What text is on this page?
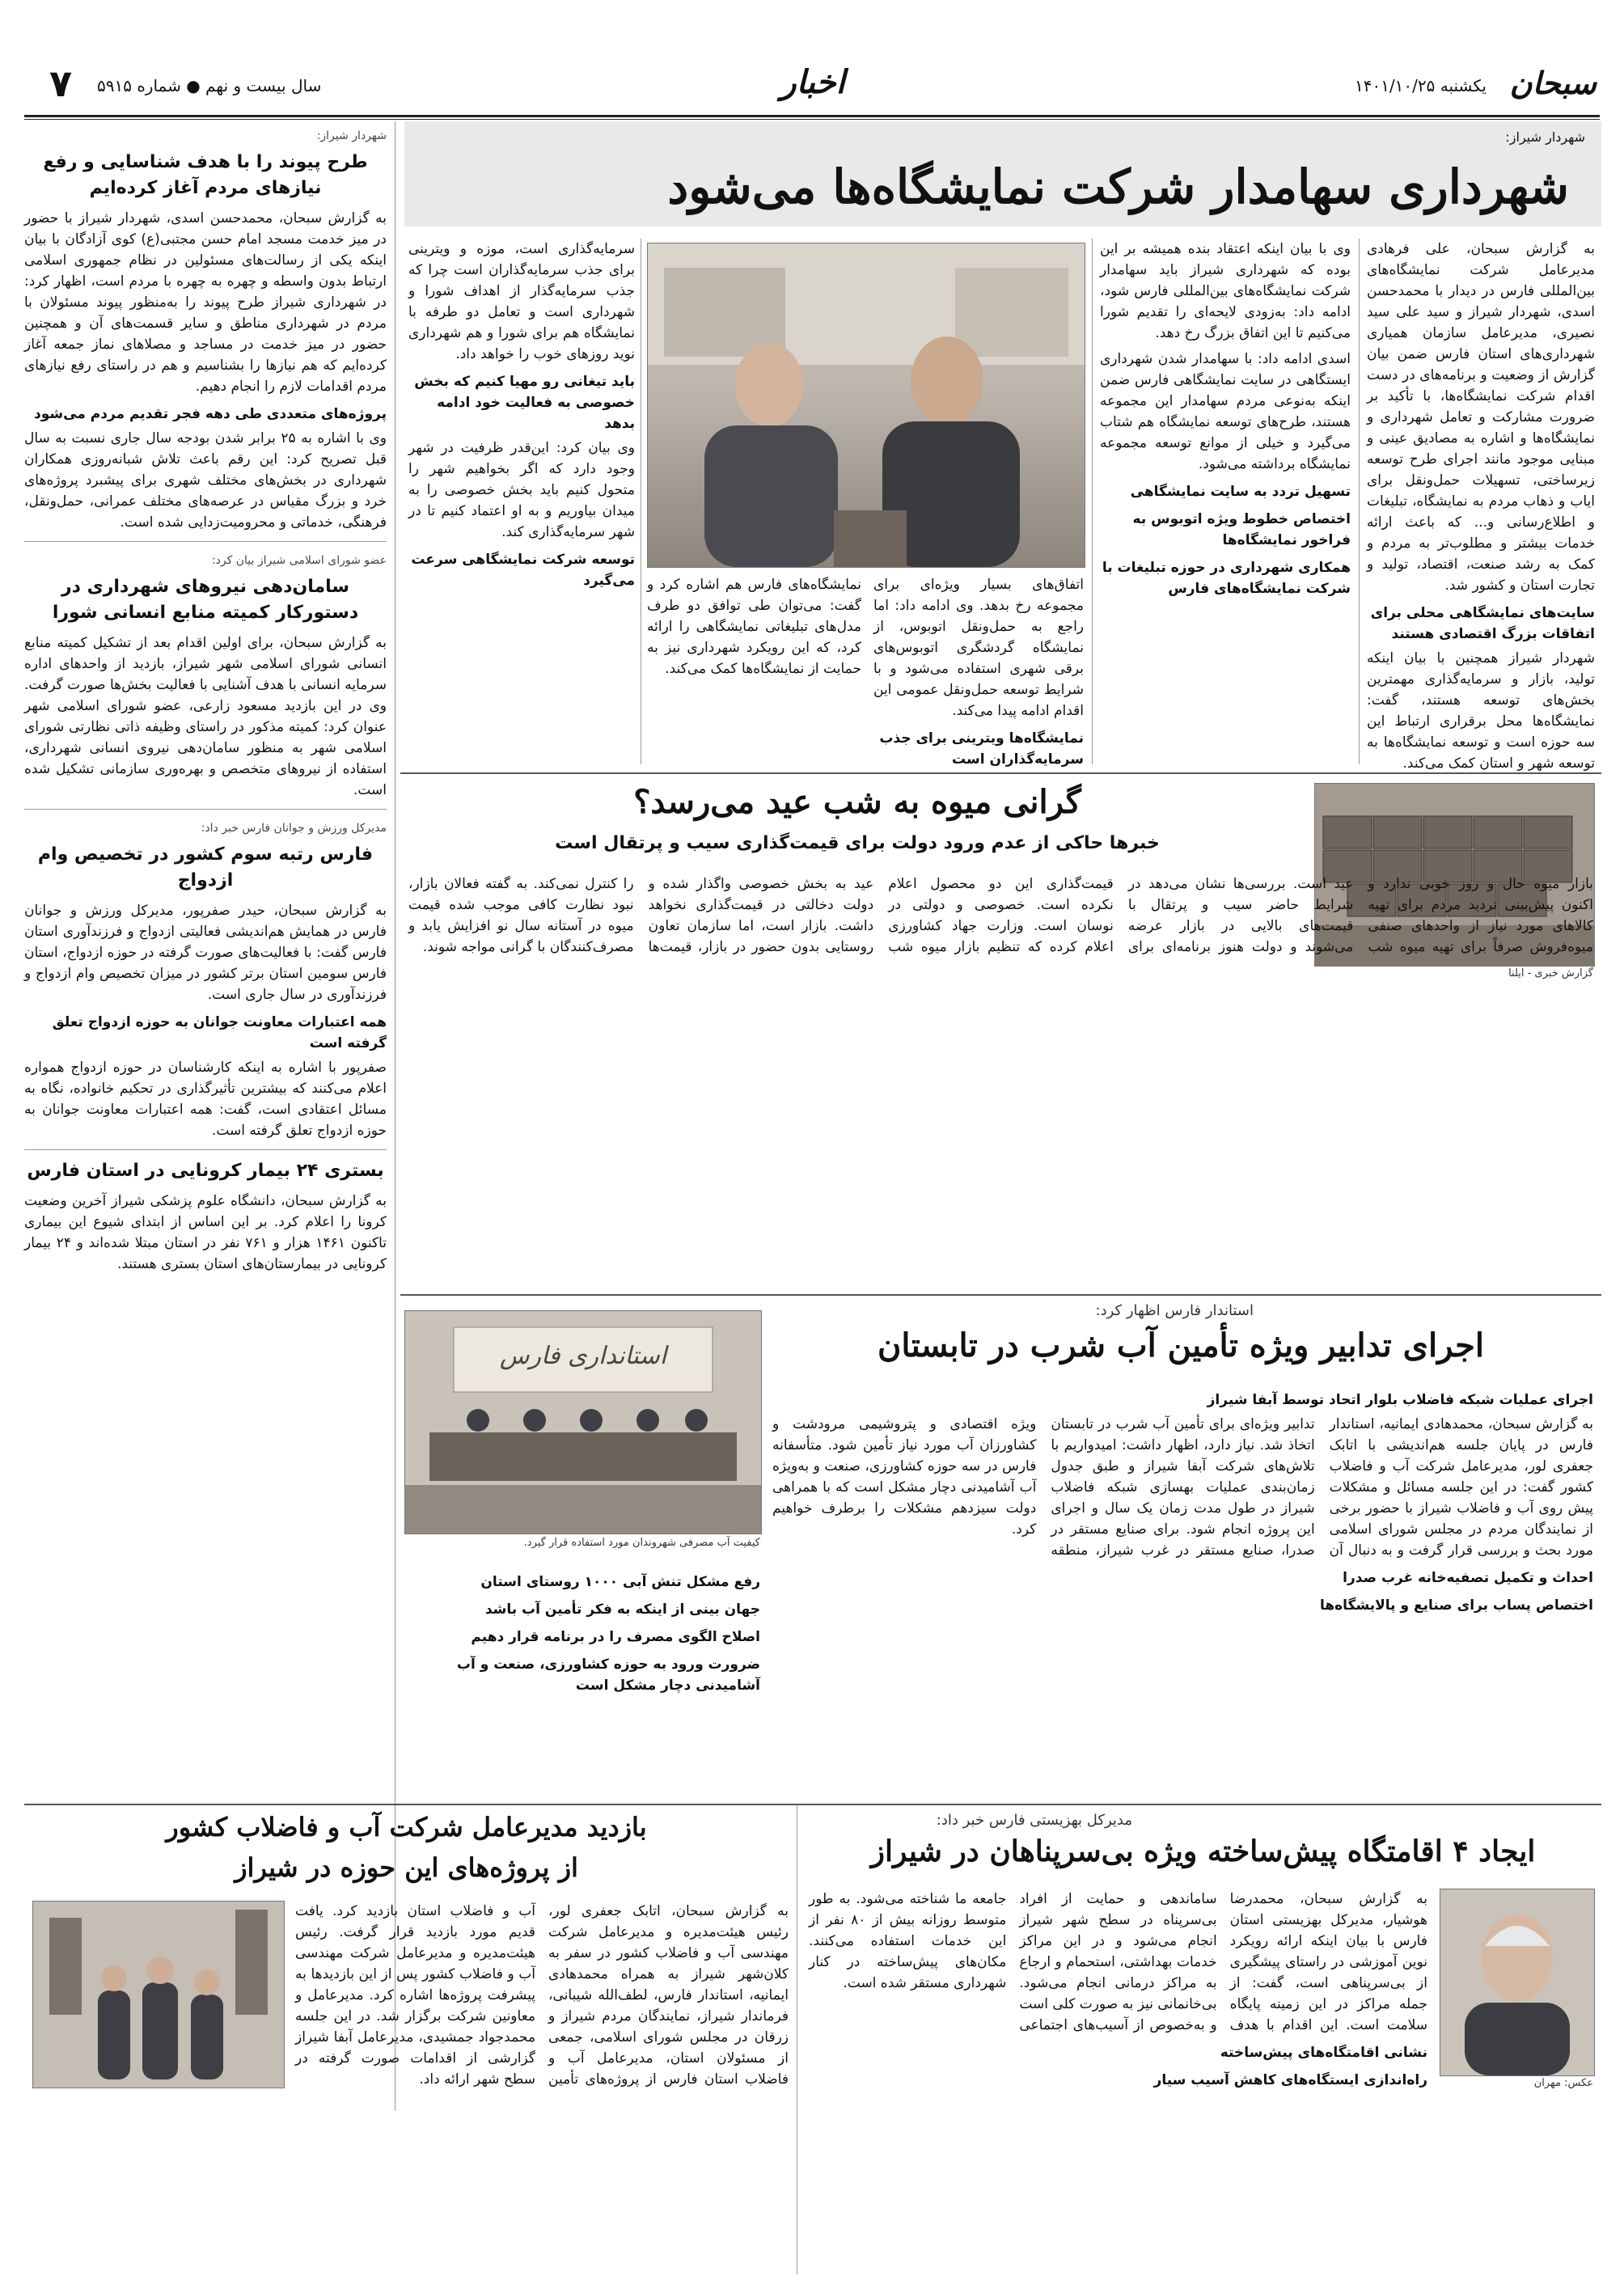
سبحان
یکشنبه ۱۴۰۱/۱۰/۲۵
اخبار
سال بیست و نهم ● شماره ۵۹۱۵
۷
شهردار شیراز:
شهرداری سهامدار شرکت نمایشگاه‌ها می‌شود

به گزارش سبحان، علی فرهادی مدیرعامل شرکت نمایشگاه‌های بین‌المللی فارس در دیدار با محمدحسن اسدی، شهردار شیراز و سید علی سید نصیری، مدیرعامل سازمان همیاری شهرداری‌های استان فارس ضمن بیان گزارش از وضعیت و برنامه‌های در دست اقدام شرکت نمایشگاه‌ها، با تأکید بر ضرورت مشارکت و تعامل شهرداری و نمایشگاه‌ها و اشاره به مصادیق عینی و مبنایی موجود مانند اجرای طرح توسعه زیرساختی، تسهیلات حمل‌ونقل برای ایاب و ذهاب مردم به نمایشگاه، تبلیغات و اطلاع‌رسانی و... که باعث ارائه خدمات بیشتر و مطلوب‌تر به مردم و کمک به رشد صنعت، اقتصاد، تولید و تجارت استان و کشور شد.

سایت‌های نمایشگاهی محلی برای اتفاقات بزرگ اقتصادی هستند

شهردار شیراز همچنین با بیان اینکه تولید، بازار و سرمایه‌گذاری مهمترین بخش‌های توسعه هستند، گفت: نمایشگاه‌ها محل برقراری ارتباط این سه حوزه است و توسعه نمایشگاه‌ها به توسعه شهر و استان کمک می‌کند.

وی با بیان اینکه اعتقاد بنده همیشه بر این بوده که شهرداری شیراز باید سهامدار شرکت نمایشگاه‌های بین‌المللی فارس شود، ادامه داد: بەزودی لایحه‌ای را تقدیم شورا می‌کنیم تا این اتفاق بزرگ رخ دهد.

اسدی ادامه داد: با سهامدار شدن شهرداری ایستگاهی در سایت نمایشگاهی فارس ضمن اینکه بەنوعی مردم سهامدار این مجموعه هستند، طرح‌های توسعه نمایشگاه هم شتاب می‌گیرد و خیلی از موانع توسعه مجموعه نمایشگاه برداشته می‌شود.

تسهیل تردد به سایت نمایشگاهی
اختصاص خطوط ویژه اتوبوس به فراخور نمایشگاه‌ها
همکاری شهرداری در حوزه تبلیغات با شرکت نمایشگاه‌های فارس

اتفاق‌های بسیار ویژه‌ای برای مجموعه رخ بدهد. وی ادامه داد: اما راجع به حمل‌ونقل اتوبوس، از نمایشگاه گردشگری اتوبوس‌های برقی شهری استفاده می‌شود و با شرایط توسعه حمل‌ونقل عمومی این اقدام ادامه پیدا می‌کند.

نمایشگاه‌ها ویترینی برای جذب سرمایه‌گذاران است

نمایشگاه‌های فارس هم اشاره کرد و گفت: می‌توان طی توافق دو طرف مدل‌های تبلیغاتی نمایشگاهی را ارائه کرد، که این رویکرد شهرداری نیز به حمایت از نمایشگاه‌ها کمک می‌کند.

سرمایه‌گذاری است، موزه و ویترینی برای جذب سرمایه‌گذاران است چرا که جذب سرمایه‌گذار از اهداف شورا و شهرداری است و تعامل دو طرفه با نمایشگاه هم برای شورا و هم شهرداری نوید روزهای خوب را خواهد داد.

باید تیغانی رو مهیا کنیم که بخش خصوصی به فعالیت خود ادامه بدهد

وی بیان کرد: این‌قدر ظرفیت در شهر وجود دارد که اگر بخواهیم شهر را متحول کنیم باید بخش خصوصی را به میدان بیاوریم و به او اعتماد کنیم تا در شهر سرمایه‌گذاری کند.

توسعه شرکت نمایشگاهی سرعت می‌گیرد
گرانی میوه به شب عید می‌رسد؟
خبرها حاکی از عدم ورود دولت برای قیمت‌گذاری سیب و پرتقال است
گزارش خبری - ایلنا

بازار میوه حال و روز خوبی ندارد و اکنون پیش‌بینی تردید مردم برای تهیه کالاهای مورد نیاز از واحدهای صنفی میوه‌فروش صرفاً برای تهیه میوه شب عید است. بررسی‌ها نشان می‌دهد در شرایط حاضر سیب و پرتقال با قیمت‌های بالایی در بازار عرضه می‌شوند و دولت هنوز برنامه‌ای برای قیمت‌گذاری این دو محصول اعلام نکرده است. خصوصی و دولتی در نوسان است. وزارت جهاد کشاورزی اعلام کرده که تنظیم بازار میوه شب عید به بخش خصوصی واگذار شده و دولت دخالتی در قیمت‌گذاری نخواهد داشت. بازار است، اما سازمان تعاون روستایی بدون حضور در بازار، قیمت‌ها را کنترل نمی‌کند. به گفته فعالان بازار، نبود نظارت کافی موجب شده قیمت میوه در آستانه سال نو افزایش یابد و مصرف‌کنندگان با گرانی مواجه شوند.

استاندار فارس اظهار کرد:
اجرای تدابیر ویژه تأمین آب شرب در تابستان
استانداری فارس
کیفیت آب مصرفی شهروندان مورد استفاده قرار گیرد.
اجرای عملیات شبکه فاضلاب بلوار اتحاد توسط آبفا شیراز

به گزارش سبحان، محمدهادی ایمانیه، استاندار فارس در پایان جلسه هم‌اندیشی با اتابک جعفری لور، مدیرعامل شرکت آب و فاضلاب کشور گفت: در این جلسه مسائل و مشکلات پیش روی آب و فاضلاب شیراز با حضور برخی از نمایندگان مردم در مجلس شورای اسلامی مورد بحث و بررسی قرار گرفت و به دنبال آن تدابیر ویژه‌ای برای تأمین آب شرب در تابستان اتخاذ شد. نیاز دارد، اظهار داشت: امیدواریم با تلاش‌های شرکت آبفا شیراز و طبق جدول زمان‌بندی عملیات بهسازی شبکه فاضلاب شیراز در طول مدت زمان یک سال و اجرای این پروژه انجام شود. برای صنایع مستقر در صدرا، صنایع مستقر در غرب شیراز، منطقه ویژه اقتصادی و پتروشیمی مرودشت و کشاورزان آب مورد نیاز تأمین شود. متأسفانه فارس در سه حوزه کشاورزی، صنعت و بەویژه آب آشامیدنی دچار مشکل است که با همراهی دولت سیزدهم مشکلات را برطرف خواهیم کرد.

احداث و تکمیل تصفیه‌خانه غرب صدرا
اختصاص پساب برای صنایع و پالایشگاه‌ها
رفع مشکل تنش آبی ۱۰۰۰ روستای استان
جهان بینی از اینکه به فکر تأمین آب باشد
اصلاح الگوی مصرف را در برنامه قرار دهیم
ضرورت ورود به حوزه کشاورزی، صنعت و آب آشامیدنی دچار مشکل است
مدیرکل بهزیستی فارس خبر داد:
ایجاد ۴ اقامتگاه پیش‌ساخته ویژه بی‌سرپناهان در شیراز
عکس: مهران

به گزارش سبحان، محمدرضا هوشیار، مدیرکل بهزیستی استان فارس با بیان اینکه ارائه رویکرد نوین آموزشی در راستای پیشگیری از بی‌سرپناهی است، گفت: از جمله مراکز در این زمینه پایگاه سلامت است. این اقدام با هدف ساماندهی و حمایت از افراد بی‌سرپناه در سطح شهر شیراز انجام می‌شود و در این مراکز خدمات بهداشتی، استحمام و ارجاع به مراکز درمانی انجام می‌شود. بی‌خانمانی نیز به صورت کلی است و بەخصوص از آسیب‌های اجتماعی جامعه ما شناخته می‌شود. به طور متوسط روزانه بیش از ۸۰ نفر از این خدمات استفاده می‌کنند. مکان‌های پیش‌ساخته در کنار شهرداری مستقر شده است.

نشانی اقامتگاه‌های پیش‌ساخته
راه‌اندازی ایستگاه‌های کاهش آسیب سیار
بازدید مدیرعامل شرکت آب و فاضلاب کشور
از پروژه‌های این حوزه در شیراز

به گزارش سبحان، اتابک جعفری لور، رئیس هیئت‌مدیره و مدیرعامل شرکت مهندسی آب و فاضلاب کشور در سفر به کلان‌شهر شیراز به همراه محمدهادی ایمانیه، استاندار فارس، لطف‌الله شیبانی، فرماندار شیراز، نمایندگان مردم شیراز و زرقان در مجلس شورای اسلامی، جمعی از مسئولان استان، مدیرعامل آب و فاضلاب استان فارس از پروژه‌های تأمین آب و فاضلاب استان بازدید کرد. یافت قدیم مورد بازدید قرار گرفت. رئیس هیئت‌مدیره و مدیرعامل شرکت مهندسی آب و فاضلاب کشور پس از این بازدیدها به پیشرفت پروژه‌ها اشاره کرد. مدیرعامل و معاونین شرکت برگزار شد. در این جلسه محمدجواد جمشیدی، مدیرعامل آبفا شیراز گزارشی از اقدامات صورت گرفته در سطح شهر ارائه داد.

شهردار شیراز:
طرح پیوند را با هدف شناسایی و رفع نیازهای مردم آغاز کرده‌ایم

به گزارش سبحان، محمدحسن اسدی، شهردار شیراز با حضور در میز خدمت مسجد امام حسن مجتبی(ع) کوی آزادگان با بیان اینکه یکی از رسالت‌های مسئولین در نظام جمهوری اسلامی ارتباط بدون واسطه و چهره به چهره با مردم است، اظهار کرد: در شهرداری شیراز طرح پیوند را بەمنظور پیوند مسئولان با مردم در شهرداری مناطق و سایر قسمت‌های آن و همچنین حضور در میز خدمت در مساجد و مصلاهای نماز جمعه آغاز کرده‌ایم که هم نیازها را بشناسیم و هم در راستای رفع نیازهای مردم اقدامات لازم را انجام دهیم.

پروژه‌های متعددی طی دهه فجر تقدیم مردم می‌شود

وی با اشاره به ۲۵ برابر شدن بودجه سال جاری نسبت به سال قبل تصریح کرد: این رقم باعث تلاش شبانه‌روزی همکاران شهرداری در بخش‌های مختلف شهری برای پیشبرد پروژه‌های خرد و بزرگ مقیاس در عرصه‌های مختلف عمرانی، حمل‌ونقل، فرهنگی، خدماتی و محرومیت‌زدایی شده است.

عضو شورای اسلامی شیراز بیان کرد:
سامان‌دهی نیروهای شهرداری در دستورکار کمیته منابع انسانی شورا

به گزارش سبحان، برای اولین اقدام بعد از تشکیل کمیته منابع انسانی شورای اسلامی شهر شیراز، بازدید از واحدهای اداره سرمایه انسانی با هدف آشنایی با فعالیت بخش‌ها صورت گرفت. وی در این بازدید مسعود زارعی، عضو شورای اسلامی شهر عنوان کرد: کمیته مذکور در راستای وظیفه ذاتی نظارتی شورای اسلامی شهر به منظور سامان‌دهی نیروی انسانی شهرداری، استفاده از نیروهای متخصص و بهره‌وری سازمانی تشکیل شده است.

مدیرکل ورزش و جوانان فارس خبر داد:
فارس رتبه سوم کشور در تخصیص وام ازدواج

به گزارش سبحان، حیدر صفرپور، مدیرکل ورزش و جوانان فارس در همایش هم‌اندیشی فعالیتی ازدواج و فرزندآوری استان فارس گفت: با فعالیت‌های صورت گرفته در حوزه ازدواج، استان فارس سومین استان برتر کشور در میزان تخصیص وام ازدواج و فرزندآوری در سال جاری است.

همه اعتبارات معاونت جوانان به حوزه ازدواج تعلق گرفته است

صفرپور با اشاره به اینکه کارشناسان در حوزه ازدواج همواره اعلام می‌کنند که بیشترین تأثیرگذاری در تحکیم خانواده، نگاه به مسائل اعتقادی است، گفت: همه اعتبارات معاونت جوانان به حوزه ازدواج تعلق گرفته است.

بستری ۲۴ بیمار کرونایی در استان فارس

به گزارش سبحان، دانشگاه علوم پزشکی شیراز آخرین وضعیت کرونا را اعلام کرد. بر این اساس از ابتدای شیوع این بیماری تاکنون ۱۴۶۱ هزار و ۷۶۱ نفر در استان مبتلا شده‌اند و ۲۴ بیمار کرونایی در بیمارستان‌های استان بستری هستند.
